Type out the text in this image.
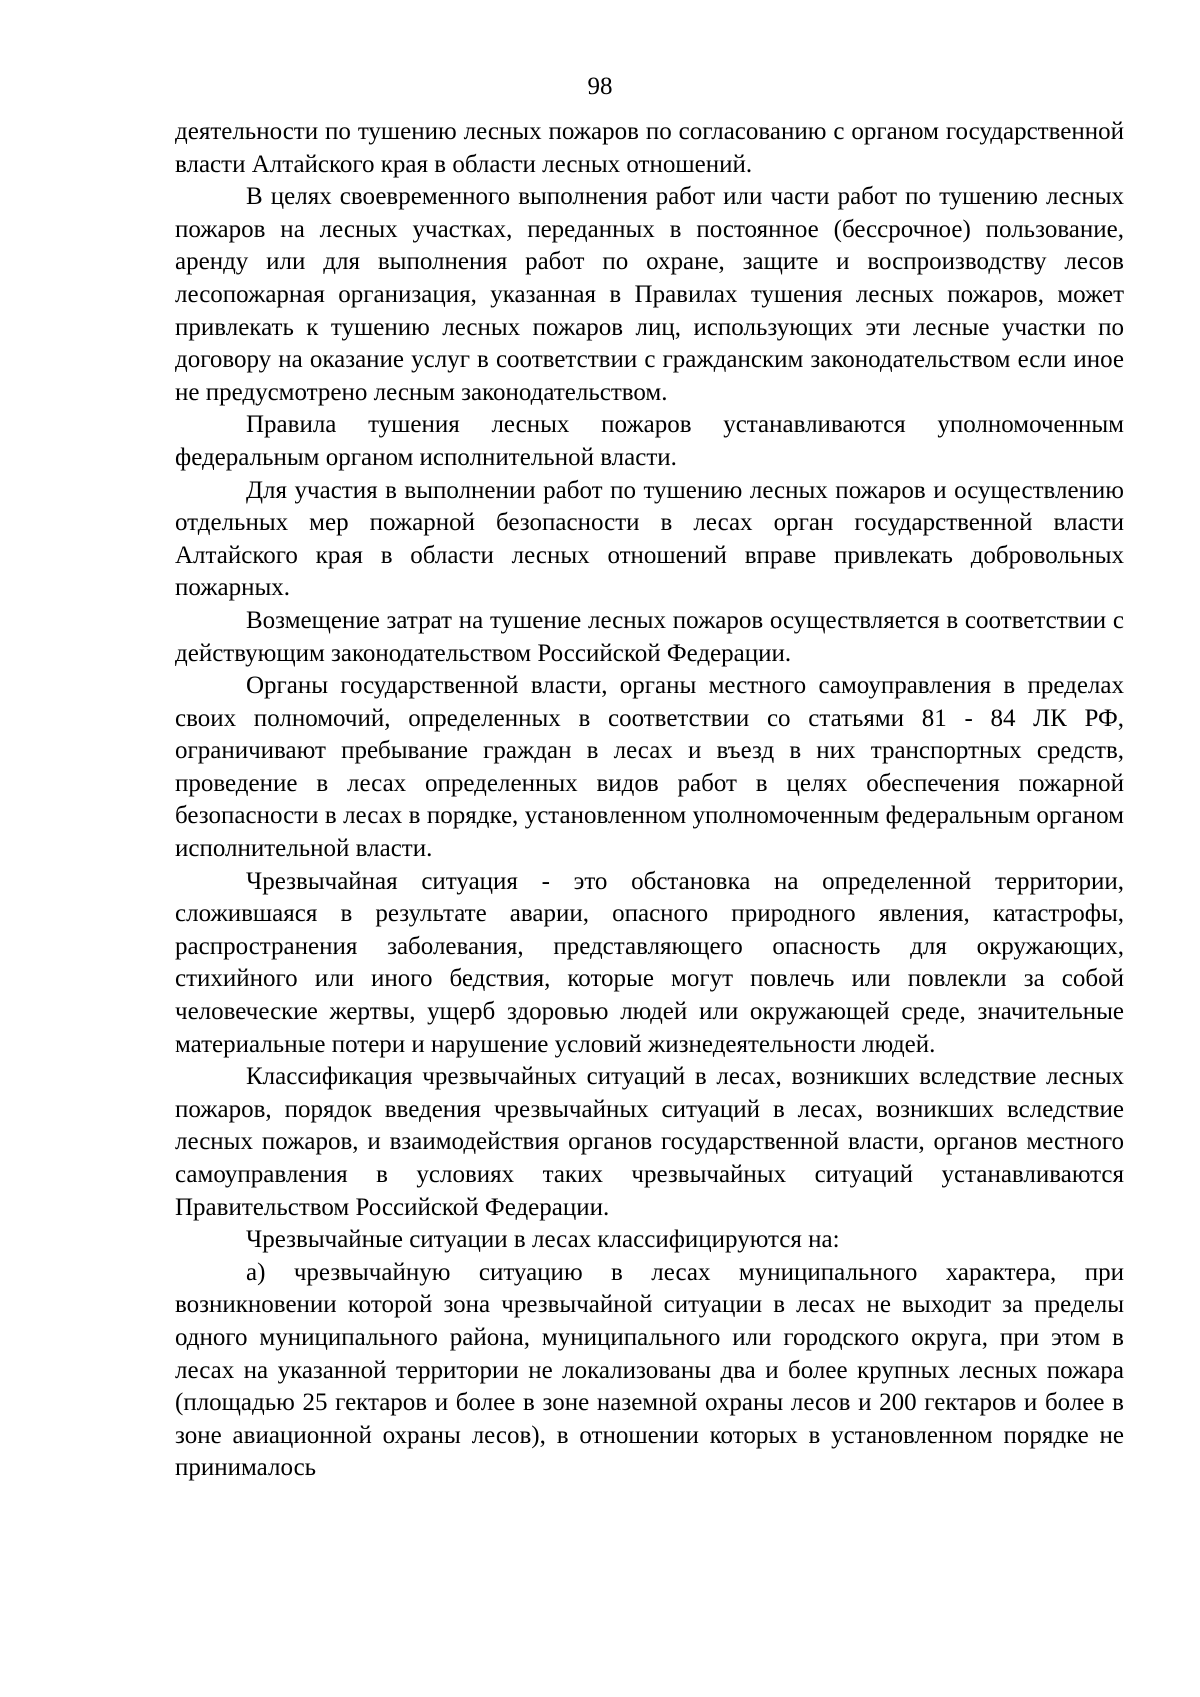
98

деятельности по тушению лесных пожаров по согласованию с органом государственной власти Алтайского края в области лесных отношений.

В целях своевременного выполнения работ или части работ по тушению лесных пожаров на лесных участках, переданных в постоянное (бессрочное) пользование, аренду или для выполнения работ по охране, защите и воспроизводству лесов лесопожарная организация, указанная в Правилах тушения лесных пожаров, может привлекать к тушению лесных пожаров лиц, использующих эти лесные участки по договору на оказание услуг в соответствии с гражданским законодательством если иное не предусмотрено лесным законодательством.

Правила тушения лесных пожаров устанавливаются уполномоченным федеральным органом исполнительной власти.

Для участия в выполнении работ по тушению лесных пожаров и осуществлению отдельных мер пожарной безопасности в лесах орган государственной власти Алтайского края в области лесных отношений вправе привлекать добровольных пожарных.

Возмещение затрат на тушение лесных пожаров осуществляется в соответствии с действующим законодательством Российской Федерации.

Органы государственной власти, органы местного самоуправления в пределах своих полномочий, определенных в соответствии со статьями 81 - 84 ЛК РФ, ограничивают пребывание граждан в лесах и въезд в них транспортных средств, проведение в лесах определенных видов работ в целях обеспечения пожарной безопасности в лесах в порядке, установленном уполномоченным федеральным органом исполнительной власти.

Чрезвычайная ситуация - это обстановка на определенной территории, сложившаяся в результате аварии, опасного природного явления, катастрофы, распространения заболевания, представляющего опасность для окружающих, стихийного или иного бедствия, которые могут повлечь или повлекли за собой человеческие жертвы, ущерб здоровью людей или окружающей среде, значительные материальные потери и нарушение условий жизнедеятельности людей.

Классификация чрезвычайных ситуаций в лесах, возникших вследствие лесных пожаров, порядок введения чрезвычайных ситуаций в лесах, возникших вследствие лесных пожаров, и взаимодействия органов государственной власти, органов местного самоуправления в условиях таких чрезвычайных ситуаций устанавливаются Правительством Российской Федерации.

Чрезвычайные ситуации в лесах классифицируются на:

а) чрезвычайную ситуацию в лесах муниципального характера, при возникновении которой зона чрезвычайной ситуации в лесах не выходит за пределы одного муниципального района, муниципального или городского округа, при этом в лесах на указанной территории не локализованы два и более крупных лесных пожара (площадью 25 гектаров и более в зоне наземной охраны лесов и 200 гектаров и более в зоне авиационной охраны лесов), в отношении которых в установленном порядке не принималось
